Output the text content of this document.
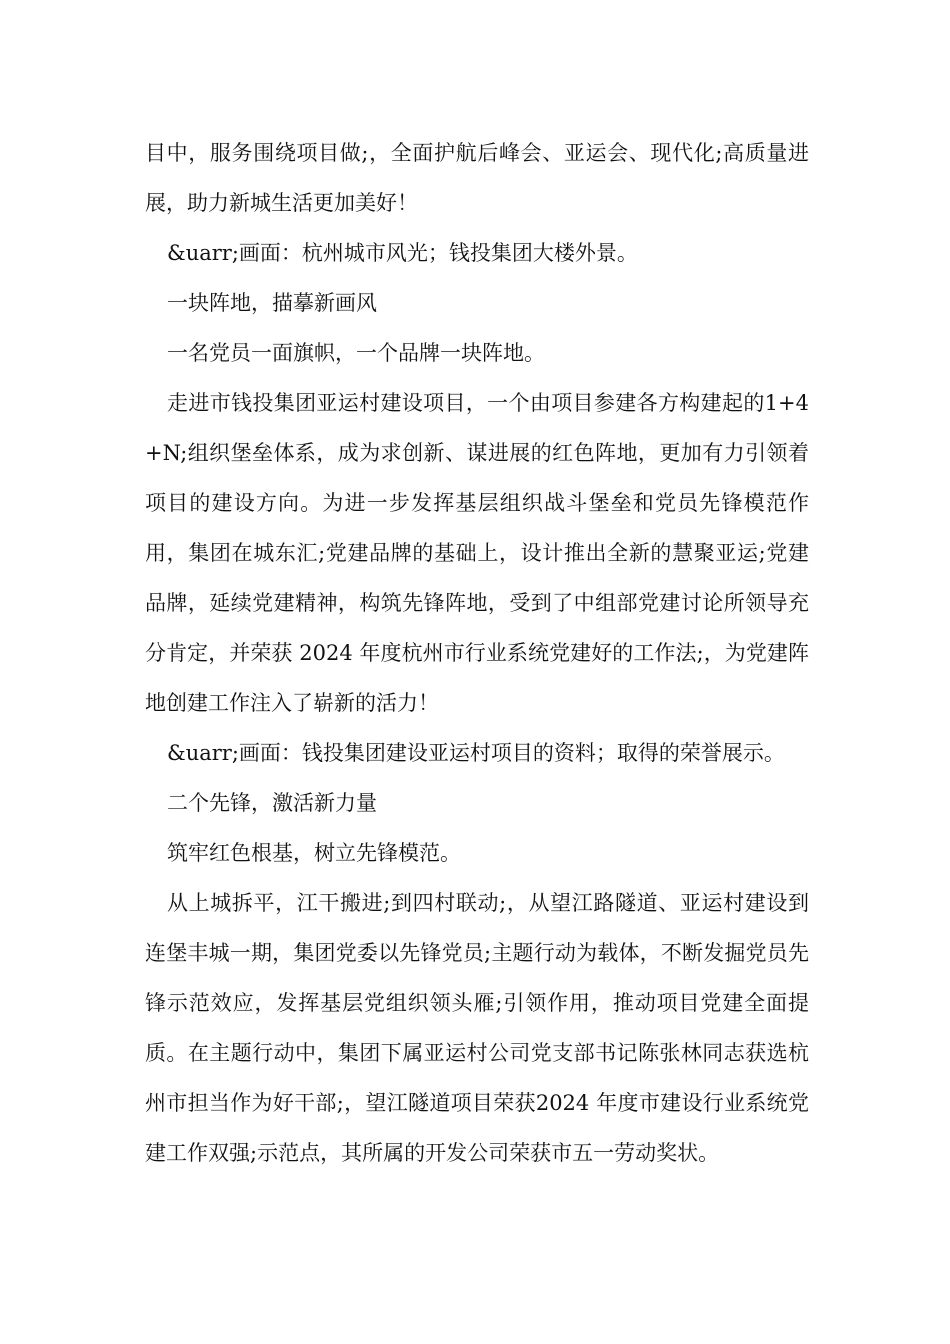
目中，服务围绕项目做;，全面护航后峰会、亚运会、现代化;高质量进展，助力新城生活更加美好！

&uarr;画面：杭州城市风光；钱投集团大楼外景。

一块阵地，描摹新画风

一名党员一面旗帜，一个品牌一块阵地。

走进市钱投集团亚运村建设项目，一个由项目参建各方构建起的1+4+N;组织堡垒体系，成为求创新、谋进展的红色阵地，更加有力引领着项目的建设方向。为进一步发挥基层组织战斗堡垒和党员先锋模范作用，集团在城东汇;党建品牌的基础上，设计推出全新的慧聚亚运;党建品牌，延续党建精神，构筑先锋阵地，受到了中组部党建讨论所领导充分肯定，并荣获 2024 年度杭州市行业系统党建好的工作法;，为党建阵地创建工作注入了崭新的活力！

&uarr;画面：钱投集团建设亚运村项目的资料；取得的荣誉展示。

二个先锋，激活新力量

筑牢红色根基，树立先锋模范。

从上城拆平，江干搬进;到四村联动;，从望江路隧道、亚运村建设到连堡丰城一期，集团党委以先锋党员;主题行动为载体，不断发掘党员先锋示范效应，发挥基层党组织领头雁;引领作用，推动项目党建全面提质。在主题行动中，集团下属亚运村公司党支部书记陈张林同志获选杭州市担当作为好干部;，望江隧道项目荣获2024 年度市建设行业系统党建工作双强;示范点，其所属的开发公司荣获市五一劳动奖状。
